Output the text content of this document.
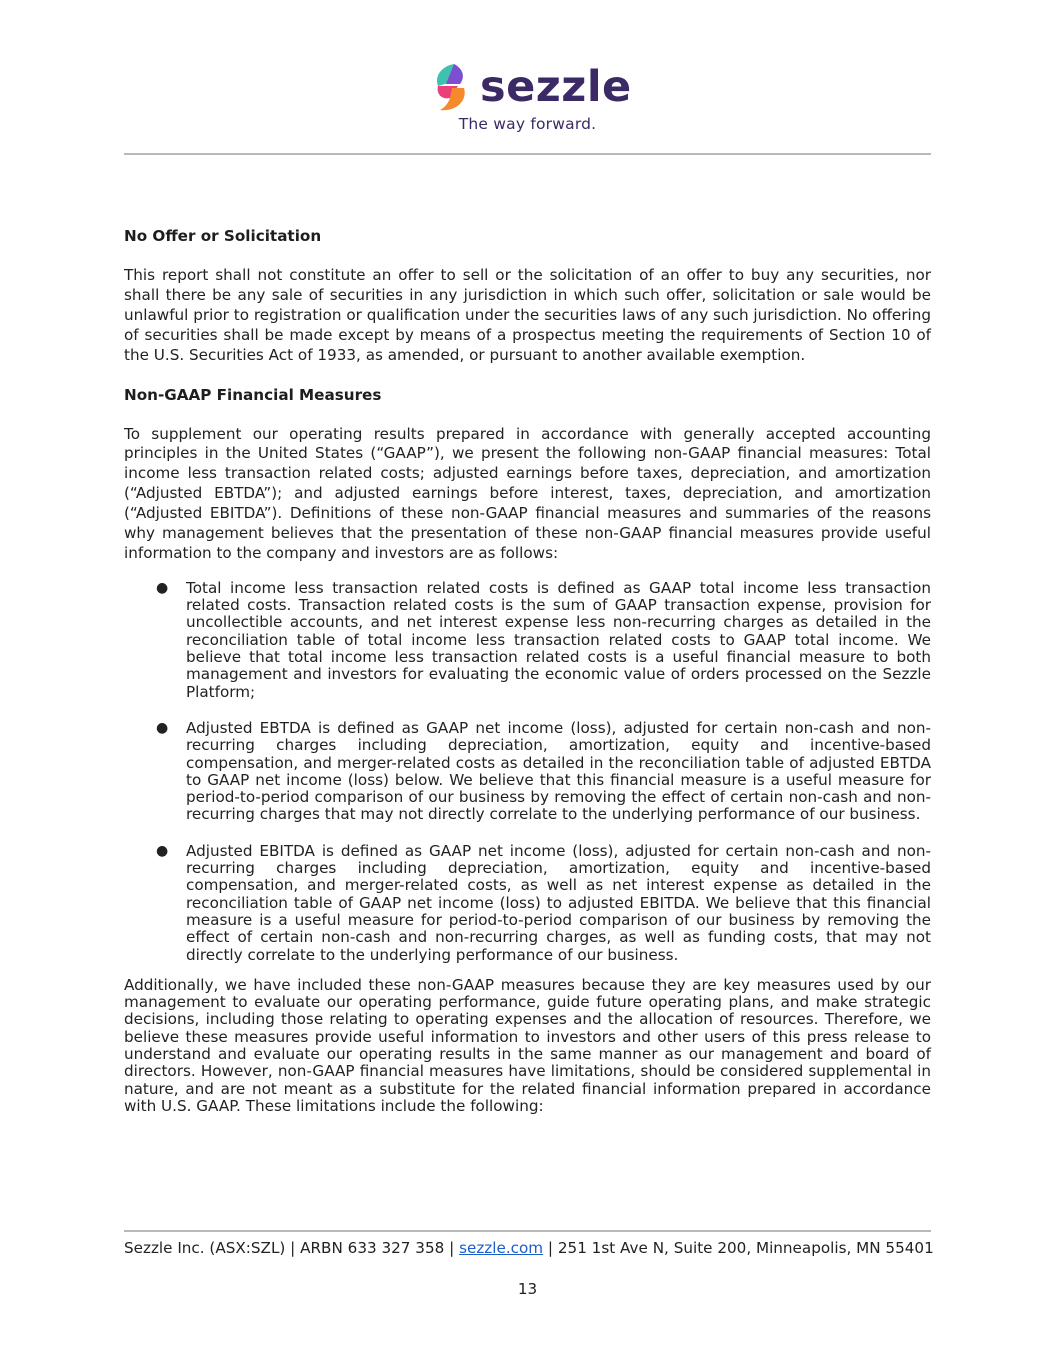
sezzle
The way forward.

No Offer or Solicitation

This report shall not constitute an offer to sell or the solicitation of an offer to buy any securities, nor shall there be any sale of securities in any jurisdiction in which such offer, solicitation or sale would be unlawful prior to registration or qualification under the securities laws of any such jurisdiction. No offering of securities shall be made except by means of a prospectus meeting the requirements of Section 10 of the U.S. Securities Act of 1933, as amended, or pursuant to another available exemption.

Non-GAAP Financial Measures

To supplement our operating results prepared in accordance with generally accepted accounting principles in the United States (“GAAP”), we present the following non-GAAP financial measures: Total income less transaction related costs; adjusted earnings before taxes, depreciation, and amortization (“Adjusted EBTDA”); and adjusted earnings before interest, taxes, depreciation, and amortization (“Adjusted EBITDA”). Definitions of these non-GAAP financial measures and summaries of the reasons why management believes that the presentation of these non-GAAP financial measures provide useful information to the company and investors are as follows:

● Total income less transaction related costs is defined as GAAP total income less transaction related costs. Transaction related costs is the sum of GAAP transaction expense, provision for uncollectible accounts, and net interest expense less non-recurring charges as detailed in the reconciliation table of total income less transaction related costs to GAAP total income. We believe that total income less transaction related costs is a useful financial measure to both management and investors for evaluating the economic value of orders processed on the Sezzle Platform;
● Adjusted EBTDA is defined as GAAP net income (loss), adjusted for certain non-cash and non-recurring charges including depreciation, amortization, equity and incentive-based compensation, and merger-related costs as detailed in the reconciliation table of adjusted EBTDA to GAAP net income (loss) below. We believe that this financial measure is a useful measure for period-to-period comparison of our business by removing the effect of certain non-cash and non-recurring charges that may not directly correlate to the underlying performance of our business.
● Adjusted EBITDA is defined as GAAP net income (loss), adjusted for certain non-cash and non-recurring charges including depreciation, amortization, equity and incentive-based compensation, and merger-related costs, as well as net interest expense as detailed in the reconciliation table of GAAP net income (loss) to adjusted EBITDA. We believe that this financial measure is a useful measure for period-to-period comparison of our business by removing the effect of certain non-cash and non-recurring charges, as well as funding costs, that may not directly correlate to the underlying performance of our business.

Additionally, we have included these non-GAAP measures because they are key measures used by our management to evaluate our operating performance, guide future operating plans, and make strategic decisions, including those relating to operating expenses and the allocation of resources. Therefore, we believe these measures provide useful information to investors and other users of this press release to understand and evaluate our operating results in the same manner as our management and board of directors. However, non-GAAP financial measures have limitations, should be considered supplemental in nature, and are not meant as a substitute for the related financial information prepared in accordance with U.S. GAAP. These limitations include the following:

Sezzle Inc. (ASX:SZL) | ARBN 633 327 358 | sezzle.com | 251 1st Ave N, Suite 200, Minneapolis, MN 55401
13
